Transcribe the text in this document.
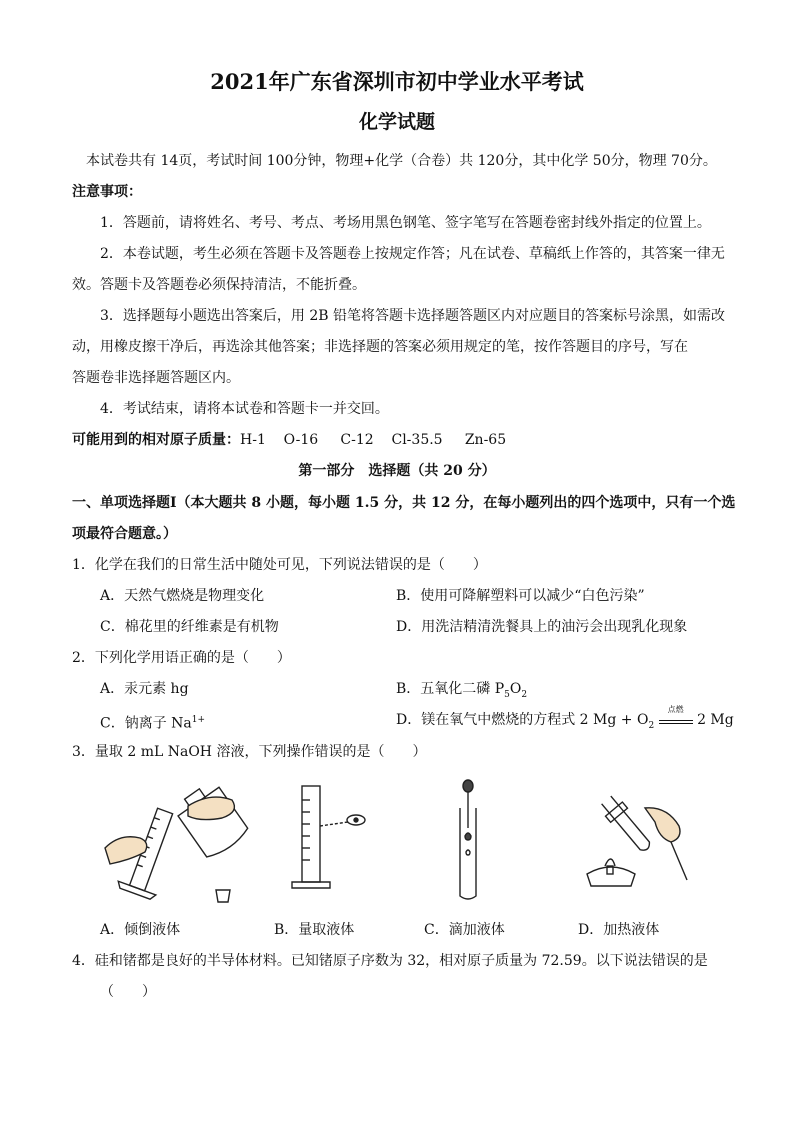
2021年广东省深圳市初中学业水平考试
化学试题
本试卷共有 14页，考试时间 100分钟，物理+化学（合卷）共 120分，其中化学 50分，物理 70分。
注意事项：
1．答题前，请将姓名、考号、考点、考场用黑色钢笔、签字笔写在答题卷密封线外指定的位置上。
2．本卷试题，考生必须在答题卡及答题卷上按规定作答；凡在试卷、草稿纸上作答的，其答案一律无
效。答题卡及答题卷必须保持清洁，不能折叠。
3．选择题每小题选出答案后，用 2B 铅笔将答题卡选择题答题区内对应题目的答案标号涂黑，如需改
动，用橡皮擦干净后，再选涂其他答案；非选择题的答案必须用规定的笔，按作答题目的序号，写在
答题卷非选择题答题区内。
4．考试结束，请将本试卷和答题卡一并交回。
可能用到的相对原子质量：H-1    O-16     C-12    Cl-35.5     Zn-65
第一部分　选择题（共 20 分）
一、单项选择题Ⅰ（本大题共 8 小题，每小题 1.5 分，共 12 分，在每小题列出的四个选项中，只有一个选
项最符合题意。）
1．化学在我们的日常生活中随处可见，下列说法错误的是（　　）
A．天然气燃烧是物理变化	B．使用可降解塑料可以减少“白色污染”
C．棉花里的纤维素是有机物	D．用洗洁精清洗餐具上的油污会出现乳化现象
2．下列化学用语正确的是（　　）
A．汞元素 hg	B．五氧化二磷 $P_5O_2$
C．钠离子 $Na^{1+}$	D．镁在氧气中燃烧的方程式 2 $Mg + O_2$
点燃
2 Mg
3．量取 2 mL NaOH 溶液，下列操作错误的是（　　）
A．倾倒液体	B．量取液体	C．滴加液体	D．加热液体
4．硅和锗都是良好的半导体材料。已知锗原子序数为 32，相对原子质量为 72.59。以下说法错误的是
（　　）
